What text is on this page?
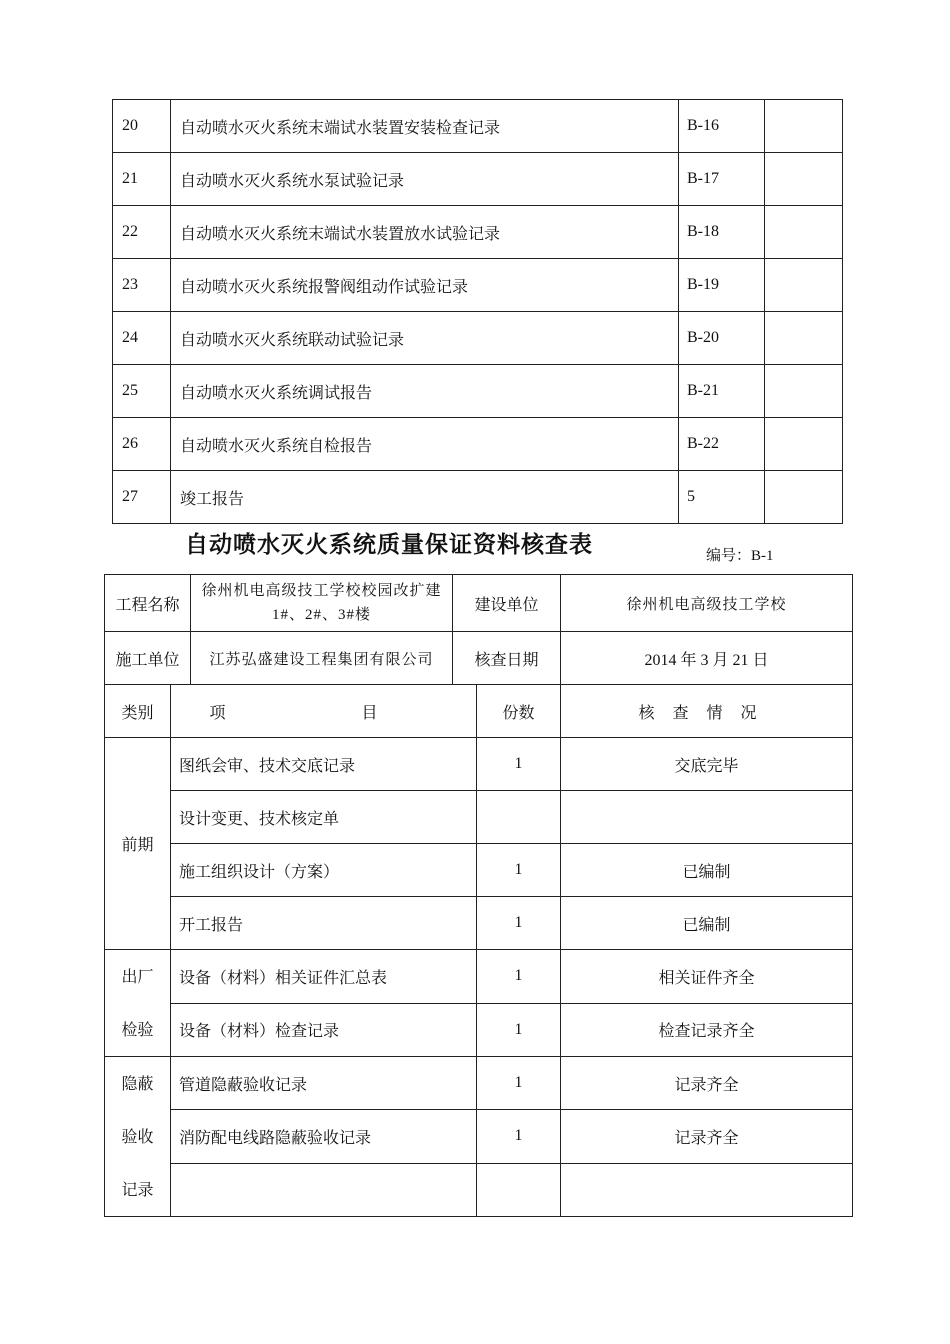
20	自动喷水灭火系统末端试水装置安装检查记录	B-16	
21	自动喷水灭火系统水泵试验记录	B-17	
22	自动喷水灭火系统末端试水装置放水试验记录	B-18	
23	自动喷水灭火系统报警阀组动作试验记录	B-19	
24	自动喷水灭火系统联动试验记录	B-20	
25	自动喷水灭火系统调试报告	B-21	
26	自动喷水灭火系统自检报告	B-22	
27	竣工报告	5	
自动喷水灭火系统质量保证资料核查表	编号：B-1
工程名称		徐州机电高级技工学校校园改扩建 1#、2#、3#楼	建设单位		徐州机电高级技工学校
施工单位		江苏弘盛建设工程集团有限公司	核查日期		2014 年 3 月 21 日
类别	项　目			份数	核查情况
前期	图纸会审、技术交底记录			1	交底完毕
	设计变更、技术核定单				
	施工组织设计（方案）			1	已编制
	开工报告			1	已编制

出厂
检验	设备（材料）相关证件汇总表			1	相关证件齐全
	设备（材料）检查记录			1	检查记录齐全

隐蔽
验收
记录	管道隐蔽验收记录			1	记录齐全
	消防配电线路隐蔽验收记录			1	记录齐全
